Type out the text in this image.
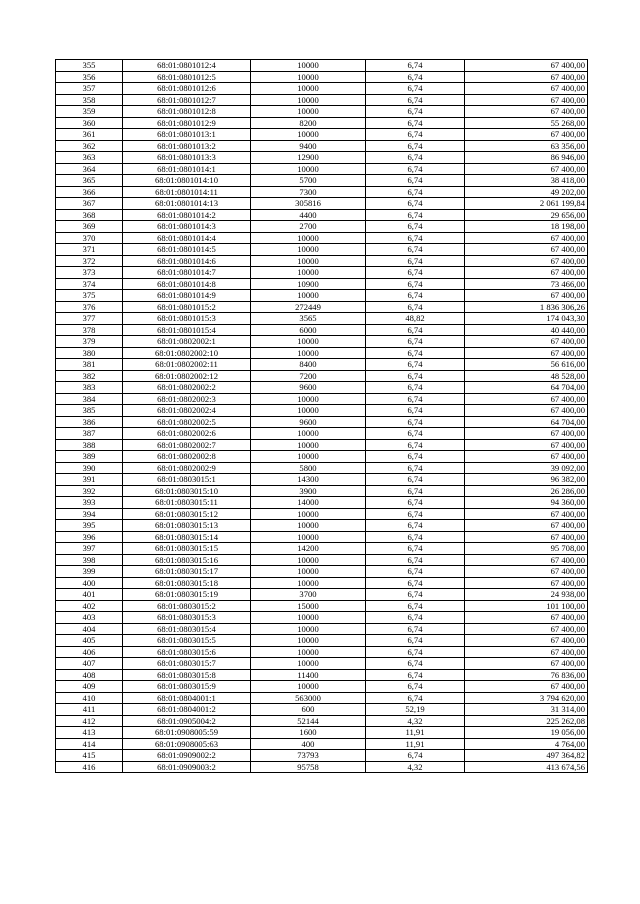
355	68:01:0801012:4	10000	6,74	67 400,00
356	68:01:0801012:5	10000	6,74	67 400,00
357	68:01:0801012:6	10000	6,74	67 400,00
358	68:01:0801012:7	10000	6,74	67 400,00
359	68:01:0801012:8	10000	6,74	67 400,00
360	68:01:0801012:9	8200	6,74	55 268,00
361	68:01:0801013:1	10000	6,74	67 400,00
362	68:01:0801013:2	9400	6,74	63 356,00
363	68:01:0801013:3	12900	6,74	86 946,00
364	68:01:0801014:1	10000	6,74	67 400,00
365	68:01:0801014:10	5700	6,74	38 418,00
366	68:01:0801014:11	7300	6,74	49 202,00
367	68:01:0801014:13	305816	6,74	2 061 199,84
368	68:01:0801014:2	4400	6,74	29 656,00
369	68:01:0801014:3	2700	6,74	18 198,00
370	68:01:0801014:4	10000	6,74	67 400,00
371	68:01:0801014:5	10000	6,74	67 400,00
372	68:01:0801014:6	10000	6,74	67 400,00
373	68:01:0801014:7	10000	6,74	67 400,00
374	68:01:0801014:8	10900	6,74	73 466,00
375	68:01:0801014:9	10000	6,74	67 400,00
376	68:01:0801015:2	272449	6,74	1 836 306,26
377	68:01:0801015:3	3565	48,82	174 043,30
378	68:01:0801015:4	6000	6,74	40 440,00
379	68:01:0802002:1	10000	6,74	67 400,00
380	68:01:0802002:10	10000	6,74	67 400,00
381	68:01:0802002:11	8400	6,74	56 616,00
382	68:01:0802002:12	7200	6,74	48 528,00
383	68:01:0802002:2	9600	6,74	64 704,00
384	68:01:0802002:3	10000	6,74	67 400,00
385	68:01:0802002:4	10000	6,74	67 400,00
386	68:01:0802002:5	9600	6,74	64 704,00
387	68:01:0802002:6	10000	6,74	67 400,00
388	68:01:0802002:7	10000	6,74	67 400,00
389	68:01:0802002:8	10000	6,74	67 400,00
390	68:01:0802002:9	5800	6,74	39 092,00
391	68:01:0803015:1	14300	6,74	96 382,00
392	68:01:0803015:10	3900	6,74	26 286,00
393	68:01:0803015:11	14000	6,74	94 360,00
394	68:01:0803015:12	10000	6,74	67 400,00
395	68:01:0803015:13	10000	6,74	67 400,00
396	68:01:0803015:14	10000	6,74	67 400,00
397	68:01:0803015:15	14200	6,74	95 708,00
398	68:01:0803015:16	10000	6,74	67 400,00
399	68:01:0803015:17	10000	6,74	67 400,00
400	68:01:0803015:18	10000	6,74	67 400,00
401	68:01:0803015:19	3700	6,74	24 938,00
402	68:01:0803015:2	15000	6,74	101 100,00
403	68:01:0803015:3	10000	6,74	67 400,00
404	68:01:0803015:4	10000	6,74	67 400,00
405	68:01:0803015:5	10000	6,74	67 400,00
406	68:01:0803015:6	10000	6,74	67 400,00
407	68:01:0803015:7	10000	6,74	67 400,00
408	68:01:0803015:8	11400	6,74	76 836,00
409	68:01:0803015:9	10000	6,74	67 400,00
410	68:01:0804001:1	563000	6,74	3 794 620,00
411	68:01:0804001:2	600	52,19	31 314,00
412	68:01:0905004:2	52144	4,32	225 262,08
413	68:01:0908005:59	1600	11,91	19 056,00
414	68:01:0908005:63	400	11,91	4 764,00
415	68:01:0909002:2	73793	6,74	497 364,82
416	68:01:0909003:2	95758	4,32	413 674,56
